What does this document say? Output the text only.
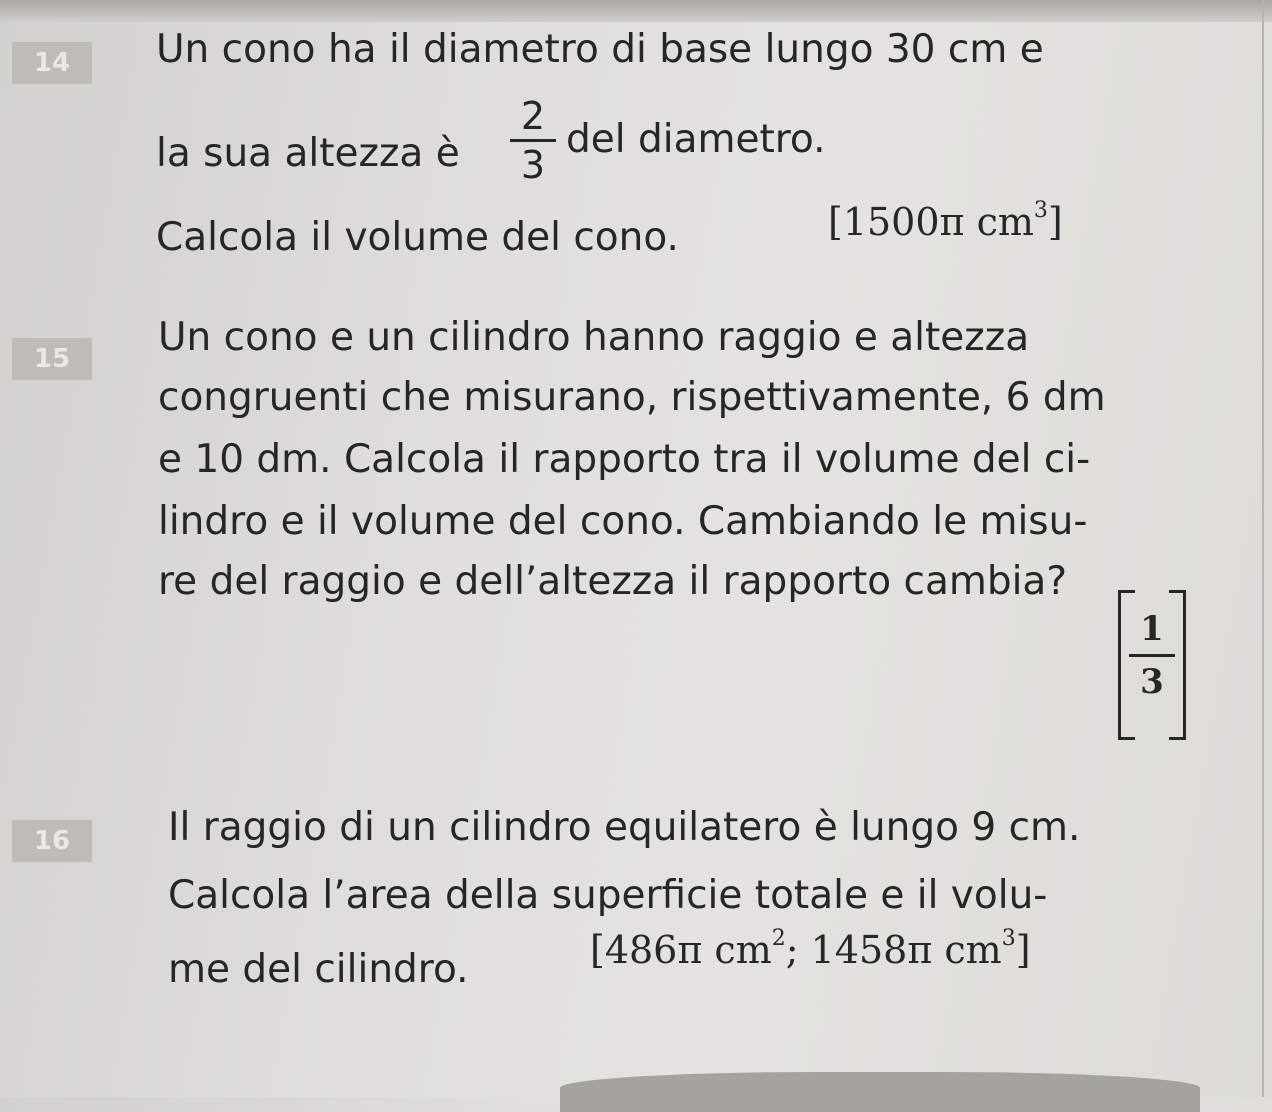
14	Un cono ha il diametro di base lungo 30 cm e
la sua altezza è
2
3
del diametro.
Calcola il volume del cono.	[1500π $cm^3$]
15	Un cono e un cilindro hanno raggio e altezza
congruenti che misurano, rispettivamente, 6 dm
e 10 dm. Calcola il rapporto tra il volume del ci-
lindro e il volume del cono. Cambiando le misu-
re del raggio e dell’altezza il rapporto cambia?
1
3
16	Il raggio di un cilindro equilatero è lungo 9 cm.
Calcola l’area della superficie totale e il volu-
me del cilindro.	[486π $cm^2$; 1458π $cm^3$]
